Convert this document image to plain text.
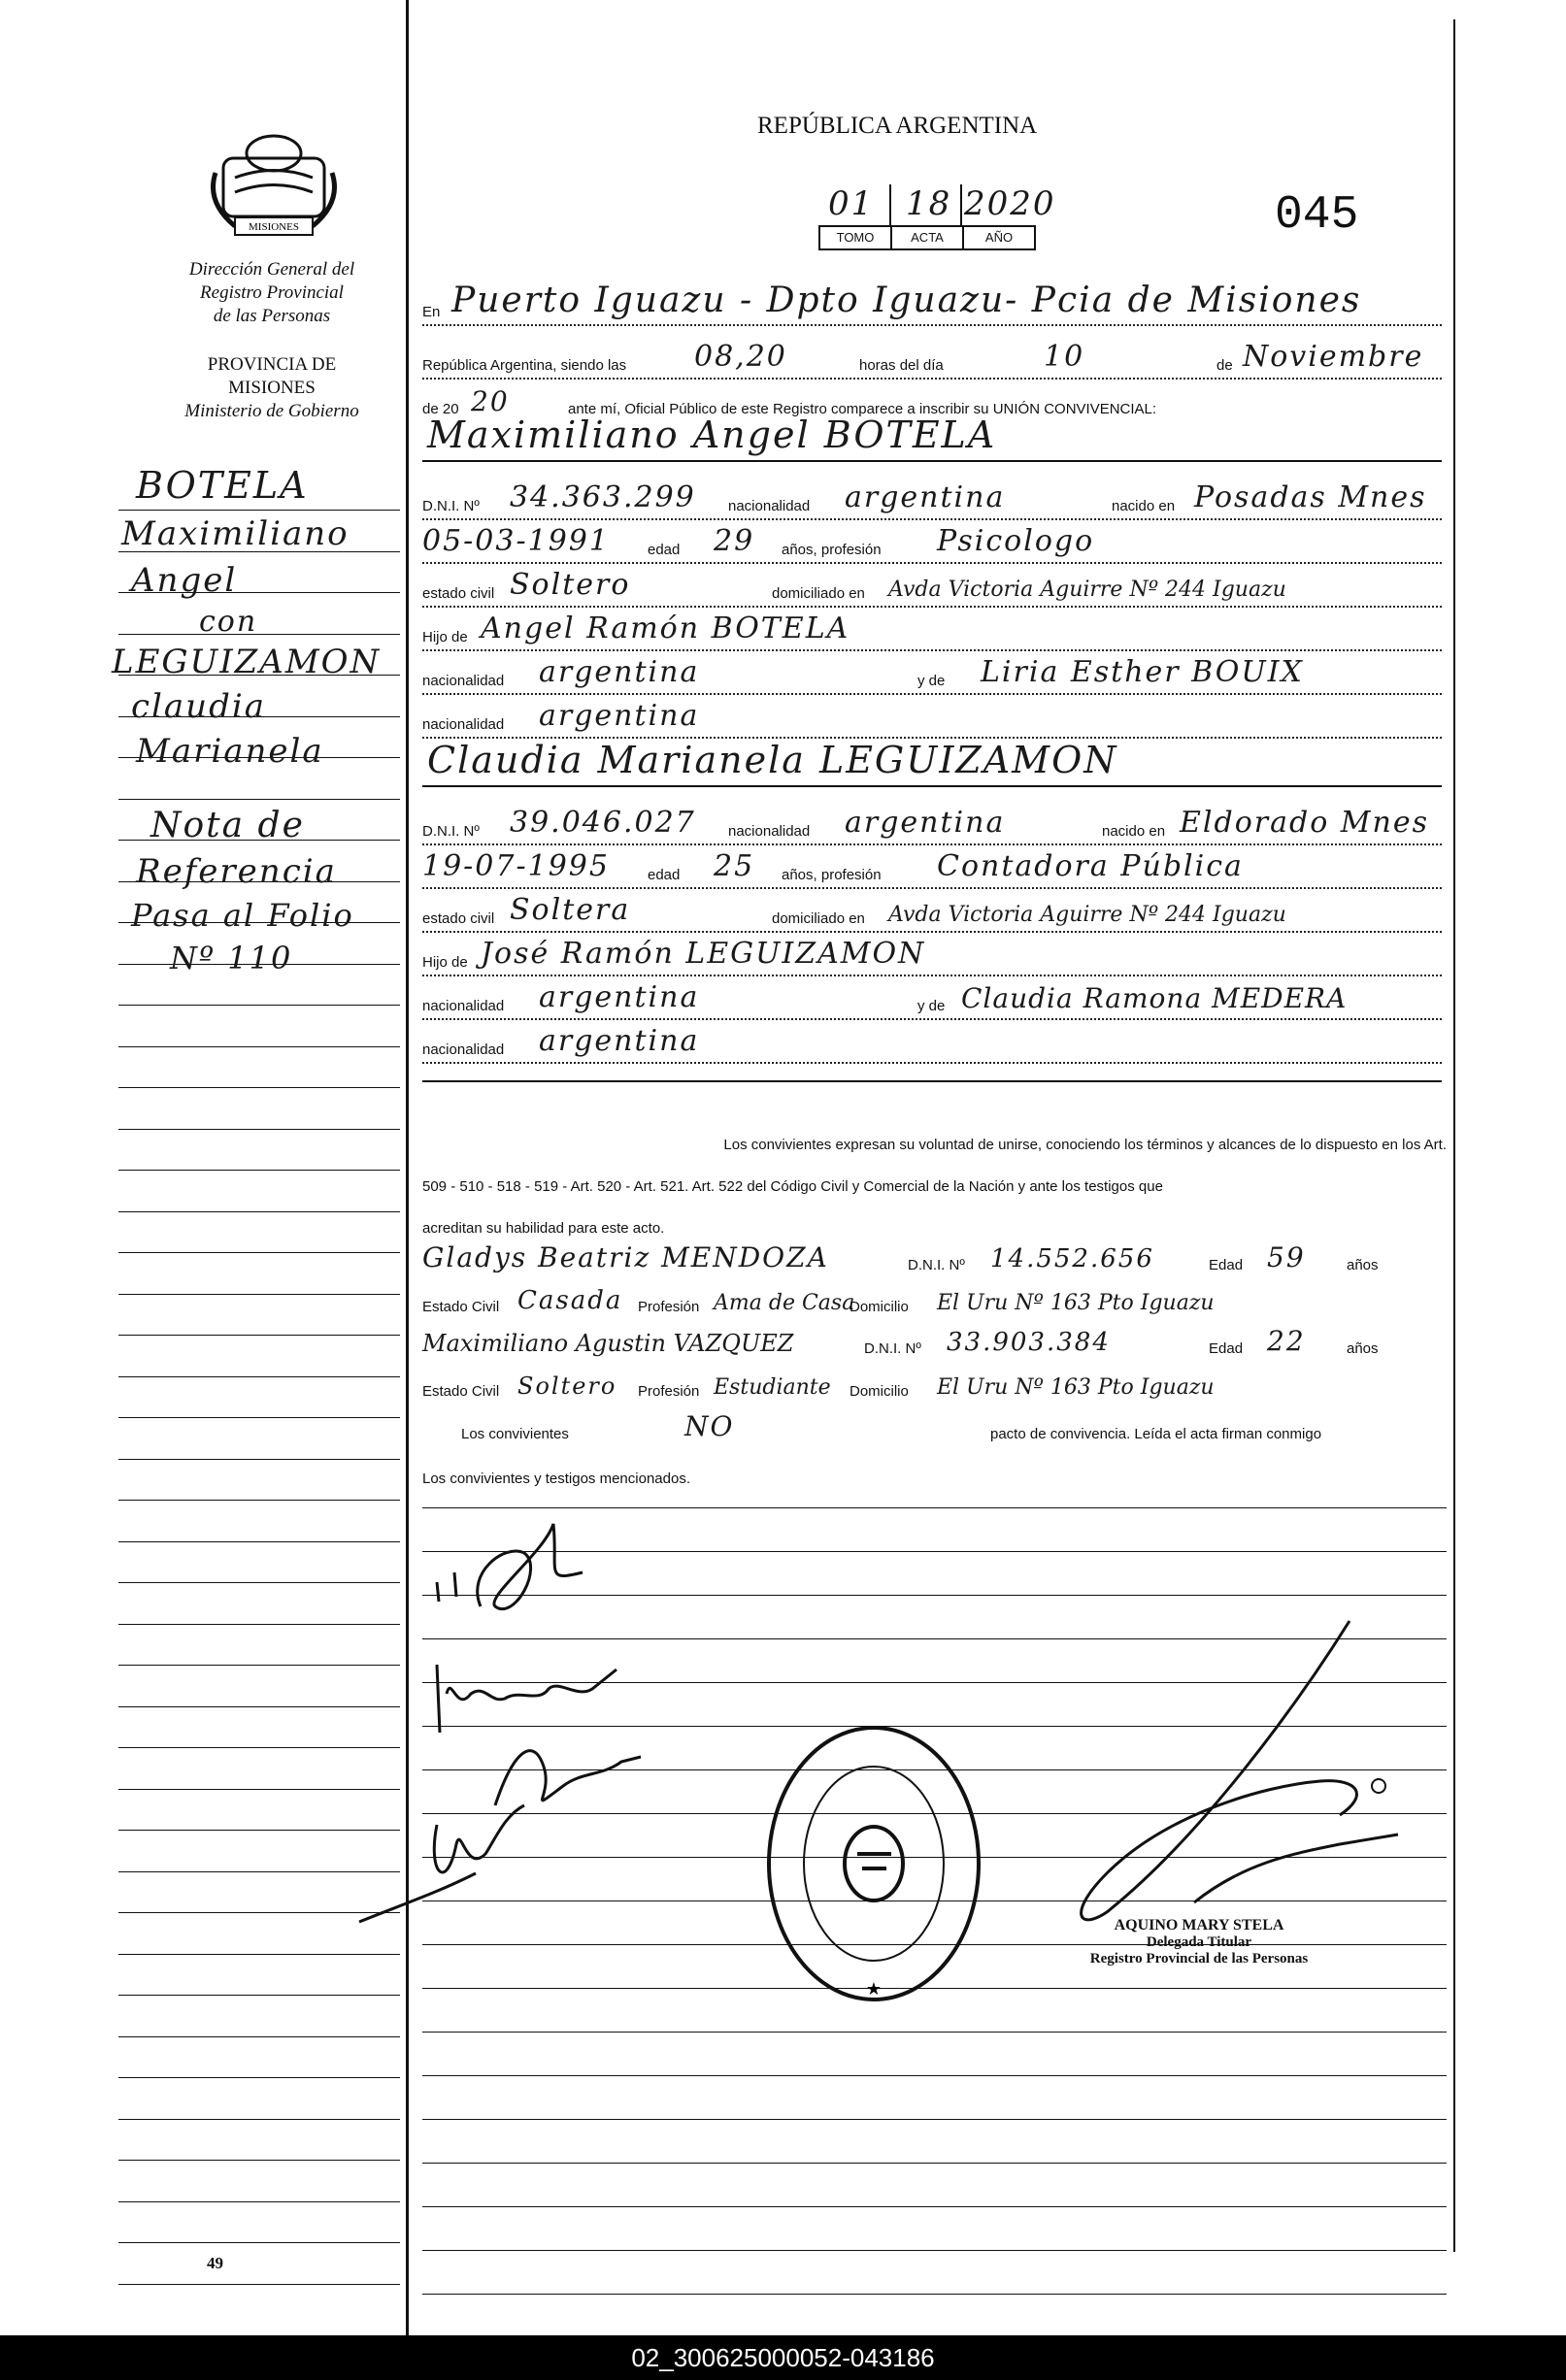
MISIONES
Dirección General del
Registro Provincial
de las Personas
PROVINCIA DE
MISIONES
Ministerio de Gobierno
BOTELA
Maximiliano
Angel
con
LEGUIZAMON
claudia
Marianela
Nota de
Referencia
Pasa al Folio
Nº 110
49
REPÚBLICA ARGENTINA
01 18 2020
TOMO	ACTA	AÑO	045
En Puerto Iguazu - Dpto Iguazu- Pcia de Misiones
República Argentina, siendo las 08,20	horas del día	10	de Noviembre
de 20 20	ante mí, Oficial Público de este Registro comparece a inscribir su UNIÓN CONVIVENCIAL:
Maximiliano Angel BOTELA
D.N.I. Nº 34.363.299 nacionalidad argentina	nacido en Posadas Mnes
05-03-1991	edad 29 años, profesión Psicologo
estado civil Soltero	domiciliado en Avda Victoria Aguirre Nº 244 Iguazu
Hijo de Angel Ramón BOTELA
nacionalidad argentina	y de Liria Esther BOUIX
nacionalidad argentina
Claudia Marianela LEGUIZAMON
D.N.I. Nº 39.046.027 nacionalidad argentina	nacido en Eldorado Mnes
19-07-1995	edad 25 años, profesión Contadora Pública
estado civil Soltera	domiciliado en Avda Victoria Aguirre Nº 244 Iguazu
Hijo de José Ramón LEGUIZAMON
nacionalidad argentina	y de Claudia Ramona MEDERA
nacionalidad argentina
Los convivientes expresan su voluntad de unirse, conociendo los términos y alcances de lo dispuesto en los Art.
509 - 510 - 518 - 519 - Art. 520 - Art. 521. Art. 522 del Código Civil y Comercial de la Nación y ante los testigos que
acreditan su habilidad para este acto.
Gladys Beatriz MENDOZA	D.N.I. Nº 14.552.656	Edad 59	años
Estado Civil Casada Profesión Ama de Casa
Domicilio El Uru Nº 163 Pto Iguazu
Maximiliano Agustin VAZQUEZ	D.N.I. Nº 33.903.384	Edad 22	años
Estado Civil Soltero Profesión Estudiante Domicilio El Uru Nº 163 Pto Iguazu
Los convivientes	NO	pacto de convivencia. Leída el acta firman conmigo
Los convivientes y testigos mencionados.
★
AQUINO MARY STELA
Delegada Titular
Registro Provincial de las Personas
02_300625000052-043186
